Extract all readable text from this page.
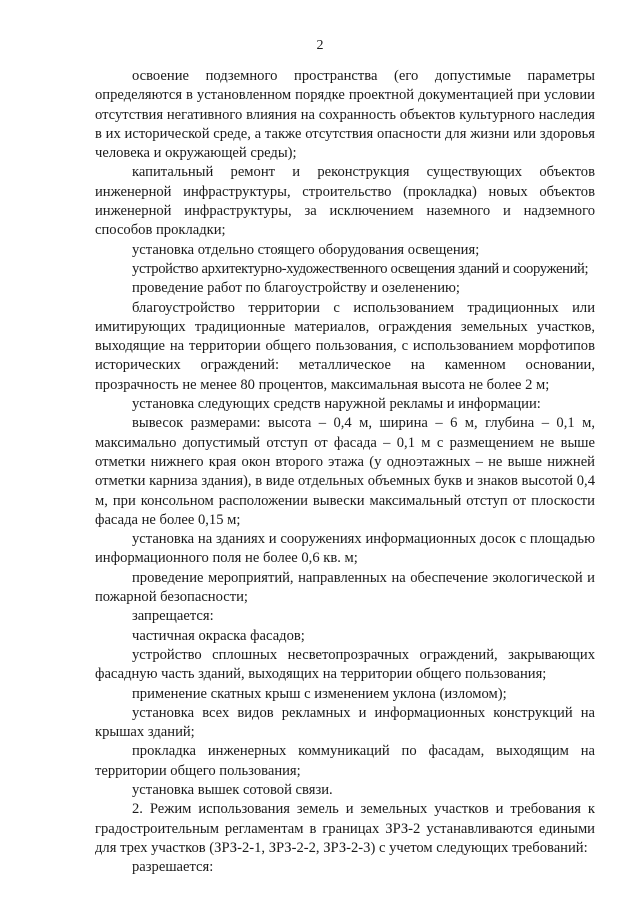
2

освоение подземного пространства (его допустимые параметры определяются в установленном порядке проектной документацией при условии отсутствия негативного влияния на сохранность объектов культурного наследия в их исторической среде, а также отсутствия опасности для жизни или здоровья человека и окружающей среды);

капитальный ремонт и реконструкция существующих объектов инженерной инфраструктуры, строительство (прокладка) новых объектов инженерной инфраструктуры, за исключением наземного и надземного способов прокладки;

установка отдельно стоящего оборудования освещения;

устройство архитектурно-художественного освещения зданий и сооружений;

проведение работ по благоустройству и озеленению;

благоустройство территории с использованием традиционных или имитирующих традиционные материалов, ограждения земельных участков, выходящие на территории общего пользования, с использованием морфотипов исторических ограждений: металлическое на каменном основании, прозрачность не менее 80 процентов, максимальная высота не более 2 м;

установка следующих средств наружной рекламы и информации:

вывесок размерами: высота – 0,4 м, ширина – 6 м, глубина – 0,1 м, максимально допустимый отступ от фасада – 0,1 м с размещением не выше отметки нижнего края окон второго этажа (у одноэтажных – не выше нижней отметки карниза здания), в виде отдельных объемных букв и знаков высотой 0,4 м, при консольном расположении вывески максимальный отступ от плоскости фасада не более 0,15 м;

установка на зданиях и сооружениях информационных досок с площадью информационного поля не более 0,6 кв. м;

проведение мероприятий, направленных на обеспечение экологической и пожарной безопасности;

запрещается:

частичная окраска фасадов;

устройство сплошных несветопрозрачных ограждений, закрывающих фасадную часть зданий, выходящих на территории общего пользования;

применение скатных крыш с изменением уклона (изломом);

установка всех видов рекламных и информационных конструкций на крышах зданий;

прокладка инженерных коммуникаций по фасадам, выходящим на территории общего пользования;

установка вышек сотовой связи.

2. Режим использования земель и земельных участков и требования к градостроительным регламентам в границах ЗРЗ-2 устанавливаются едиными для трех участков (ЗРЗ-2-1, ЗРЗ-2-2, ЗРЗ-2-3) с учетом следующих требований:

разрешается:
